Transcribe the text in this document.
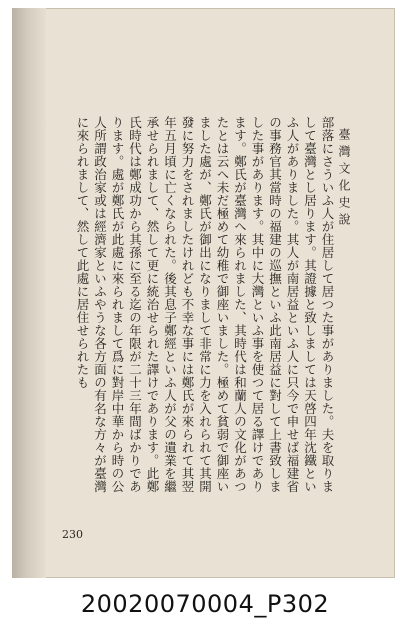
臺灣文化史說

部落にさういふ人が住居して居つた事がありました。夫を取りまして臺灣とし居ります。其證據と致しましては天啓四年沈鐵といふ人がありました。其人が南居益といふ人に只今で申せば福建省の事務官其當時の福建の巡撫といふ此南居益に對して上書致しました事があります。其中に大灣といふ事を使つて居る譯けであります。鄭氏が臺灣へ來られました、其時代は和蘭人の文化があつたとは云へ未だ極めて幼稚で御座いました。極めて貧弱で御座いました處が、鄭氏が御出になりまして非常に力を入れられて其開發に努力をされましたけれども不幸な事には鄭氏が來られて其翌年五月頃に亡くなられた。後其息子鄭經といふ人が父の遺業を繼承せられまして、然して更に統治せられた譯けであります。此鄭氏時代は鄭成功から其孫に至る迄の年限が二十三年間ばかりであります。處が鄭氏が此處に來られまして爲に對岸中華から時の公人所謂政治家或は經濟家といふやうな各方面の有名な方々が臺灣に來られまして、然して此處に居住せられたも

230
20020070004_P302
